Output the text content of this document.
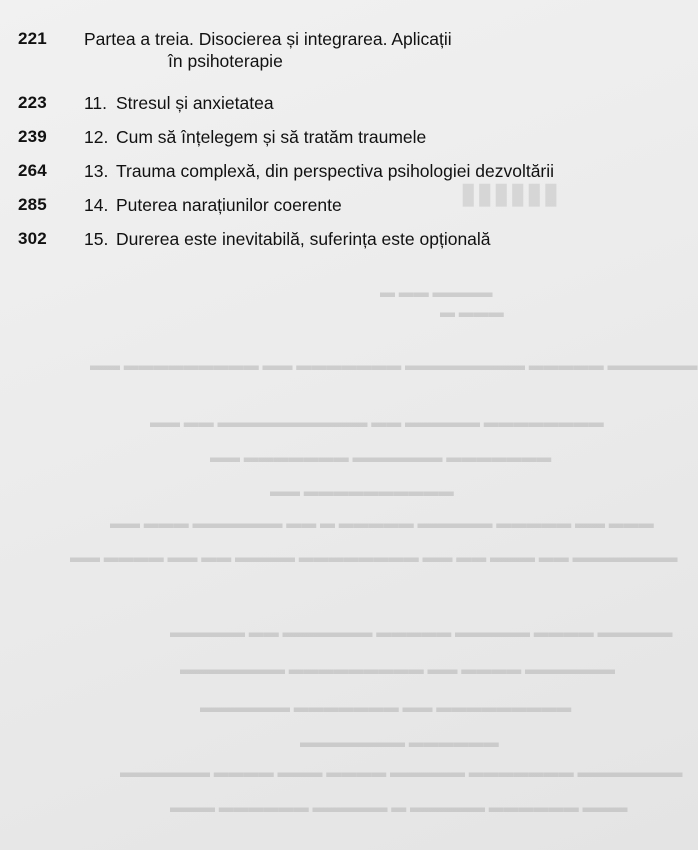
▮▮▮▮▮▮
▬▬▬▬ ▬▬ ▬
▬▬▬ ▬
▬▬▬▬▬▬ ▬▬▬▬▬ ▬▬▬▬▬▬▬▬ ▬▬▬▬▬▬▬ ▬▬ ▬▬▬▬▬▬▬▬▬ ▬▬
▬▬▬▬▬▬▬▬ ▬▬▬▬▬ ▬▬ ▬▬▬▬▬▬▬▬▬▬ ▬▬ ▬▬
▬▬▬▬▬▬▬ ▬▬▬▬▬▬ ▬▬▬▬▬▬▬ ▬▬
▬▬▬▬▬▬▬▬▬▬ ▬▬
▬▬▬ ▬▬ ▬▬▬▬▬ ▬▬▬▬▬ ▬▬▬▬▬ ▬ ▬▬ ▬▬▬▬▬▬ ▬▬▬ ▬▬
▬▬▬▬▬▬▬ ▬▬ ▬▬▬ ▬▬ ▬▬ ▬▬▬▬▬▬▬▬ ▬▬▬▬ ▬▬ ▬▬ ▬▬▬▬ ▬▬
▬▬▬▬▬ ▬▬▬▬ ▬▬▬▬▬ ▬▬▬▬▬ ▬▬▬▬▬▬ ▬▬ ▬▬▬▬▬
▬▬▬▬▬▬ ▬▬▬▬ ▬▬ ▬▬▬▬▬▬▬▬▬ ▬▬▬▬▬▬▬
▬▬▬▬▬▬▬▬▬ ▬▬ ▬▬▬▬▬▬▬ ▬▬▬▬▬▬
▬▬▬▬▬▬ ▬▬▬▬▬▬▬
▬▬▬▬▬▬▬ ▬▬▬▬▬▬▬ ▬▬▬▬▬ ▬▬▬▬ ▬▬▬ ▬▬▬▬ ▬▬▬▬▬▬
▬▬▬ ▬▬▬▬▬▬ ▬▬▬▬▬ ▬ ▬▬▬▬▬ ▬▬▬▬▬▬ ▬▬▬
221 Partea a treia. Disocierea și integrarea. Aplicații
în psihoterapie
223 11. Stresul și anxietatea
239 12. Cum să înțelegem și să tratăm traumele
264 13. Trauma complexă, din perspectiva psihologiei dezvoltării
285 14. Puterea narațiunilor coerente
302 15. Durerea este inevitabilă, suferința este opțională
